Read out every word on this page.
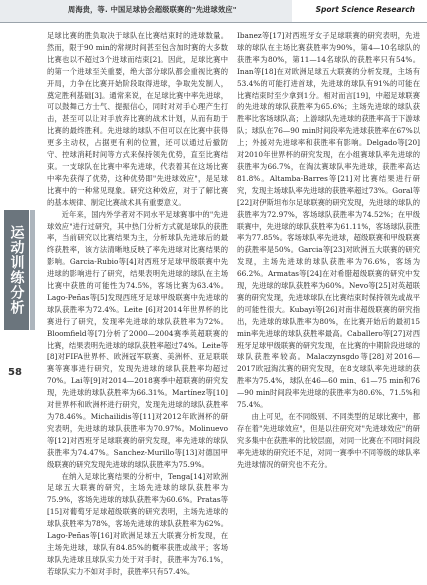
周海贵，等. 中国足球协会超级联赛的"先进球效应"	Sport Science Research
运动训练分析
58

足球比赛的胜负取决于球队在比赛结束时的进球数量。然而，限于90 min的常规时间甚至包含加时赛的大多数比赛也以不超过3个进球而结束[2]。因此，足球比赛中的第一个进球至关重要，绝大部分球队都会重视比赛的开局，力争在比赛开始阶段取得进球，争取先发制人，奠定胜利基础[3]。通常来说，在足球比赛中率先进球，可以鼓舞己方士气、提振信心，同时对对手心理产生打击，甚至可以让对手放弃比赛的战术计划，从而有助于比赛的最终胜利。先进球的球队不但可以在比赛中获得更多主动权，占据更有利的位置，还可以通过后撤防守、控球消耗时间等方式来保持领先优势，直至比赛结束。一支球队在比赛中率先进球，代表着其在这场比赛中率先获得了优势，这种优势即"先进球效应"，是足球比赛中的一种常见现象。研究这种效应，对于了解比赛的基本规律、制定比赛战术具有重要意义。

近年来，国内外学者对不同水平足球赛事中的"先进球效应"进行过研究，其中热门分析方式就是球队的获胜率，当前研究以比赛结果为主，分析球队先进球后的最终获胜率，该方法清晰地反映了率先进球对比赛结果的影响。Garcia-Rubio等[4]对西班牙足球甲级联赛中先进球的影响进行了研究，结果表明先进球的球队在主场比赛中获胜的可能性为74.5%，客场比赛为63.4%。Lago-Peñas等[5]发现西班牙足球甲级联赛中先进球的球队获胜率为72.4%。Leite [6]对2014年世界杯的比赛进行了研究，发现率先进球的球队获胜率为72%。Bloomfield等[7]分析了2000—2004赛季英超联赛的比赛，结果表明先进球的球队获胜率超过74%。Leite等[8]对FIFA世界杯、欧洲冠军联赛、美洲杯、亚足联联赛等赛事进行研究，发现先进球的球队获胜率均超过70%。Lai等[9]对2014—2018赛季中超联赛的研究发现，先进球的球队获胜率为66.31%。Martínez等[10]对世界杯和欧洲杯进行研究，发现先进球的球队获胜率为78.46%。Michailidis等[11]对2012年欧洲杯的研究表明，先进球的球队获胜率为70.97%。Molinuevo等[12]对西班牙足球联赛的研究发现，率先进球的球队获胜率为74.47%。Sanchez-Murillo等[13]对德国甲级联赛的研究发现先进球的球队获胜率为75.9%。

在纳入足球比赛结果的分析中，Tenga[14]对欧洲足球五大联赛的研究，主场先进球的球队获胜率为75.9%，客场先进球的球队获胜率为60.6%。Pratas等[15]对葡萄牙足球超级联赛的研究表明，主场先进球的球队获胜率为78%，客场先进球的球队获胜率为62%。Lago-Peñas等[16]对欧洲足球五大联赛分析发现，在主场先进球，球队有84.85%的概率获胜或战平；客场球队先进球且球队实力处于对手时，获胜率为76.1%，若球队实力不如对手时，获胜率只有57.4%。

Ibanez等[17]对西班牙女子足球联赛的研究表明，先进球的球队在主场比赛获胜率为90%，第4—10名球队的获胜率为80%，第11—14名球队的获胜率只有54%。Inan等[18]在对欧洲足球五大联赛的分析发现，主场有53.4%的可能打进首球，先进球的球队有91%的可能在比赛结束时至少拿到1分。相对而言[19]，中超足球联赛的先进球的球队获胜率为65.6%；主场先进球的球队获胜率比客场球队高；上游球队先进球的获胜率高于下游球队；球队在76—90 min时间段率先进球获胜率在67%以上；外援对先进球率和获胜率有影响。Delgado等[20]对2010年世界杯的研究发现，在小组赛球队率先进球的获胜率为66.7%，在淘汰赛球队率先进球，获胜率高达81.8%。Altamba-Barres等[21]对比赛结果进行研究，发现主场球队率先进球的获胜率超过73%。Goral等[22]对伊斯坦布尔足球联赛的研究发现，先进球的球队的获胜率为72.97%，客场球队获胜率为74.52%；在甲级联赛中，先进球的球队获胜率为61.11%，客场球队获胜率为77.85%。客场球队率先进球，超级联赛和甲级联赛的获胜率是50%。Garcia等[23]对欧洲五大联赛的研究发现，主场先进球的球队获胜率为76.6%，客场为66.2%。Armatas等[24]在对希腊超级联赛的研究中发现，先进球的球队获胜率为60%。Nevo等[25]对英超联赛的研究发现，先进球球队在比赛结束时保持领先或战平的可能性很大。Kubayi等[26]对南非超级联赛的研究指出，先进球的球队胜率为80%，在比赛开始后的最初15 min率先进球的球队获胜率最高。Caballero等[27]对西班牙足球甲级联赛的研究发现，在比赛的中期阶段进球的球队获胜率较高。Malaczynsgdo等[28]对2016—2017欧冠淘汰赛的研究发现，在8支球队率先进球的获胜率为75.4%，球队在46—60 min、61—75 min和76—90 min时间段率先进球的获胜率为80.6%、71.5%和75.4%。

由上可见，在不同级别、不同类型的足球比赛中，都存在着"先进球效应"，但是以往研究对"先进球效应"的研究多集中在获胜率的比较层面，对同一比赛在不同时间段率先进球的研究还不足，对同一赛季中不同等级的球队率先进球情况的研究也不充分。
